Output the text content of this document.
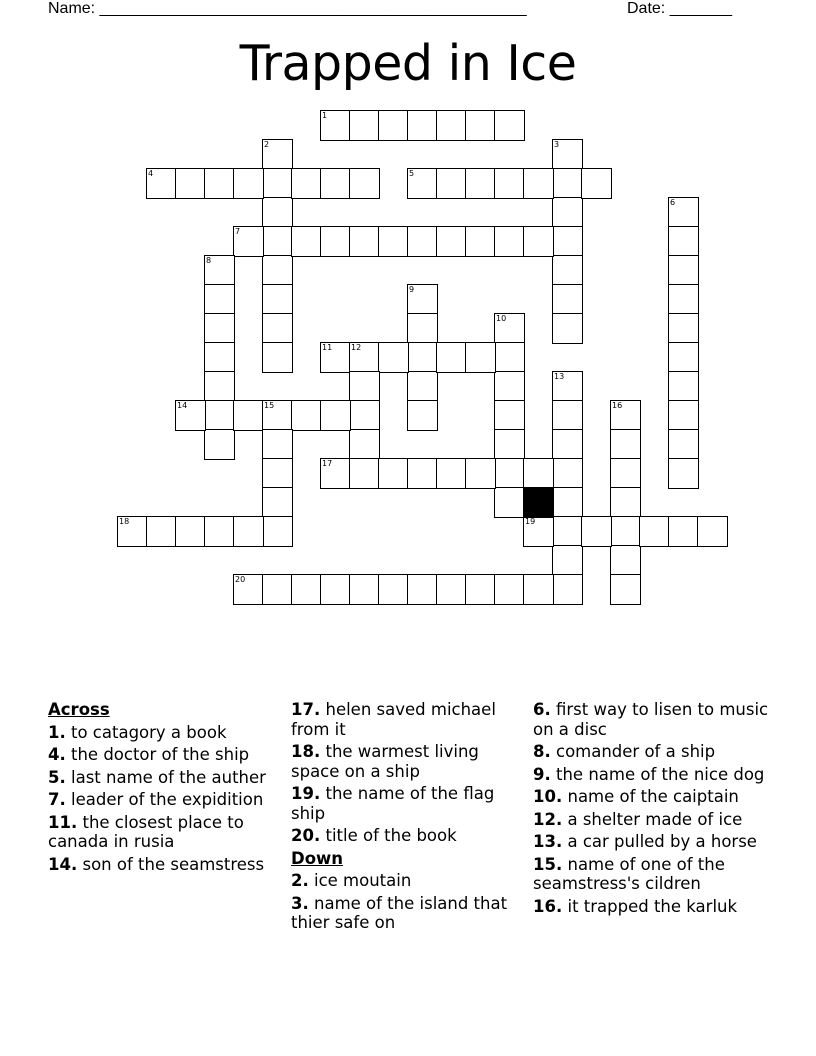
Name: ________________________________________________	Date: _______
Trapped in Ice
1
2	3
4	5
6
7
8
9
10
11 12
13
14	15	16
17
18	19
20
Across
1. to catagory a book
4. the doctor of the ship
5. last name of the auther
7. leader of the expidition
11. the closest place to canada in rusia
14. son of the seamstress
17. helen saved michael from it
18. the warmest living space on a ship
19. the name of the flag ship
20. title of the book
Down
2. ice moutain
3. name of the island that thier safe on
6. first way to lisen to music on a disc
8. comander of a ship
9. the name of the nice dog
10. name of the caiptain
12. a shelter made of ice
13. a car pulled by a horse
15. name of one of the seamstress's cildren
16. it trapped the karluk
